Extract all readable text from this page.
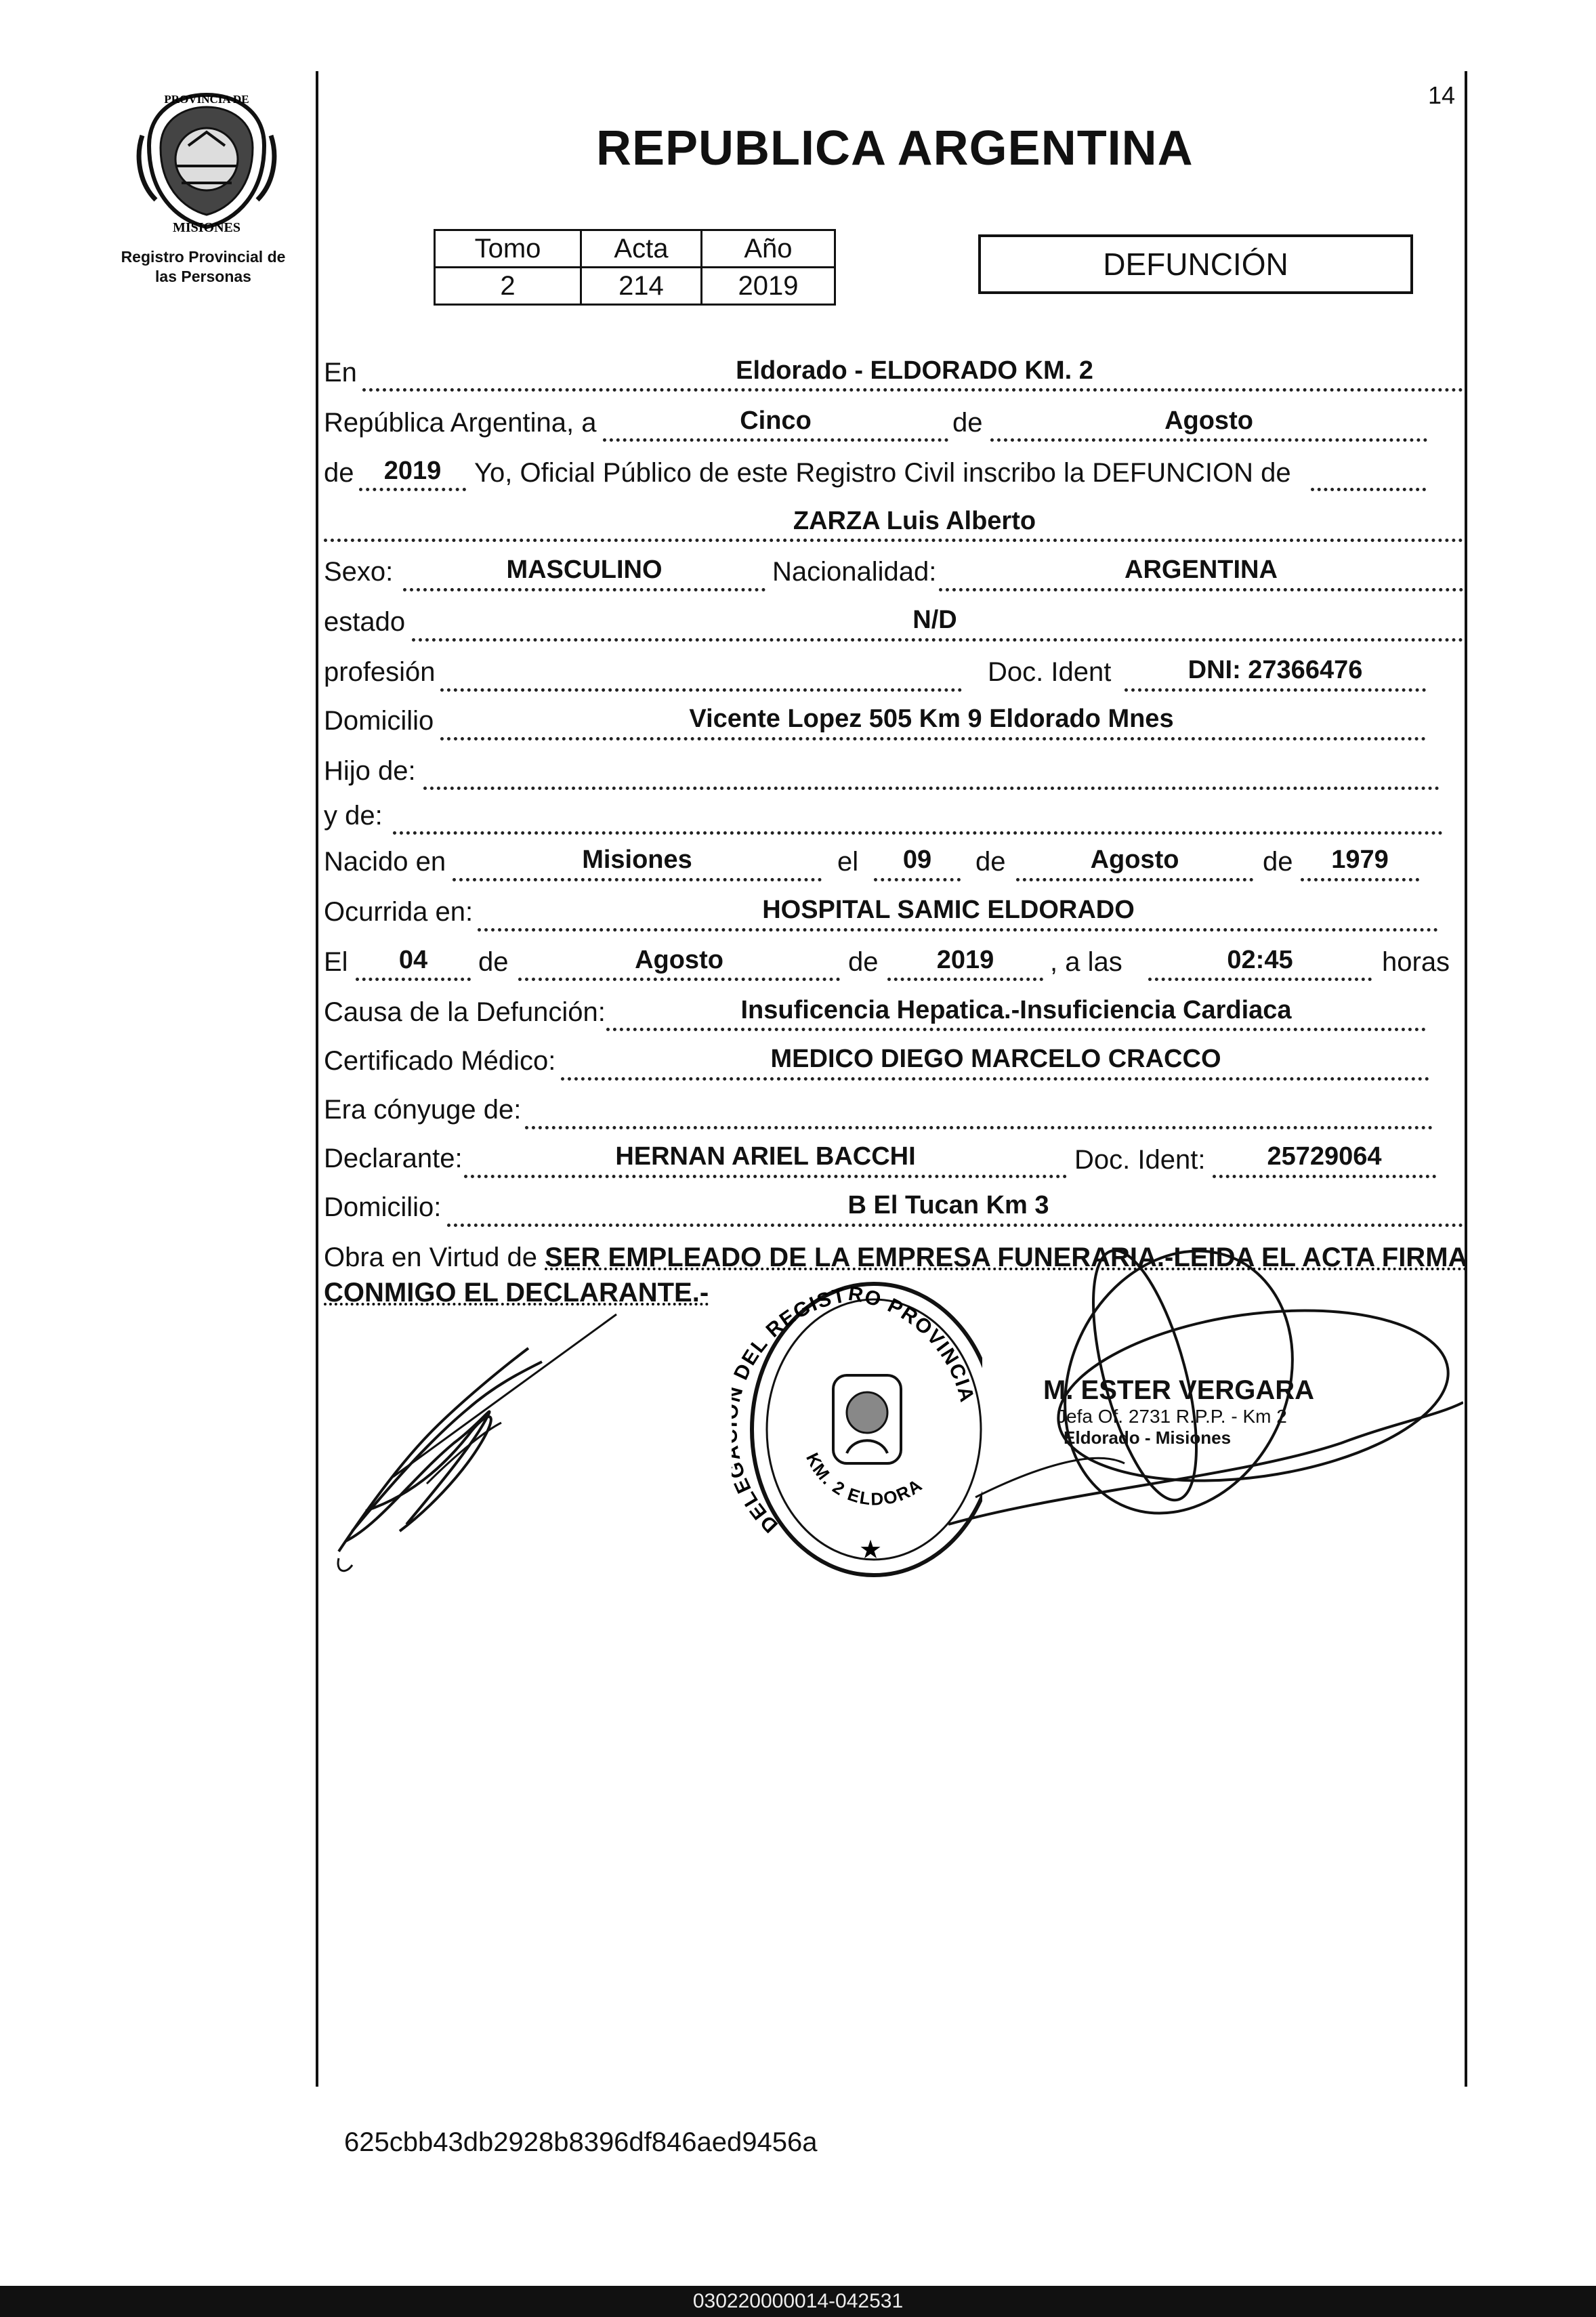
PROVINCIA DE
MISIONES
Registro Provincial de
las Personas
14
REPUBLICA ARGENTINA
Tomo	Acta	Año
2	214	2019
DEFUNCIÓN
En	Eldorado - ELDORADO KM. 2
República Argentina, a	Cinco	de	Agosto
de	2019	Yo, Oficial Público de este Registro Civil inscribo la DEFUNCION de
ZARZA Luis Alberto
Sexo:	MASCULINO	Nacionalidad:	ARGENTINA
estado	N/D
profesión	Doc. Ident	DNI: 27366476
Domicilio	Vicente Lopez 505 Km 9 Eldorado Mnes
Hijo de:
y de:
Nacido en	Misiones	el	09	de	Agosto	de	1979
Ocurrida en:	HOSPITAL SAMIC ELDORADO
El	04	de	Agosto	de	2019	, a las	02:45	horas
Causa de la Defunción:	Insuficencia Hepatica.-Insuficiencia Cardiaca
Certificado Médico:	MEDICO DIEGO MARCELO CRACCO
Era cónyuge de:
Declarante:	HERNAN ARIEL BACCHI	Doc. Ident:	25729064
Domicilio:	B El Tucan Km 3
Obra en Virtud de SER EMPLEADO DE LA EMPRESA FUNERARIA.-LEIDA EL ACTA FIRMA
CONMIGO EL DECLARANTE.-
DELE DEL REGISTRO PROVINCIA
KM. 2 ELDORA
★
M. ESTER VERGARA
Jefa Of. 2731 R.P.P. - Km 2
Eldorado - Misiones
625cbb43db2928b8396df846aed9456a
030220000014-042531
